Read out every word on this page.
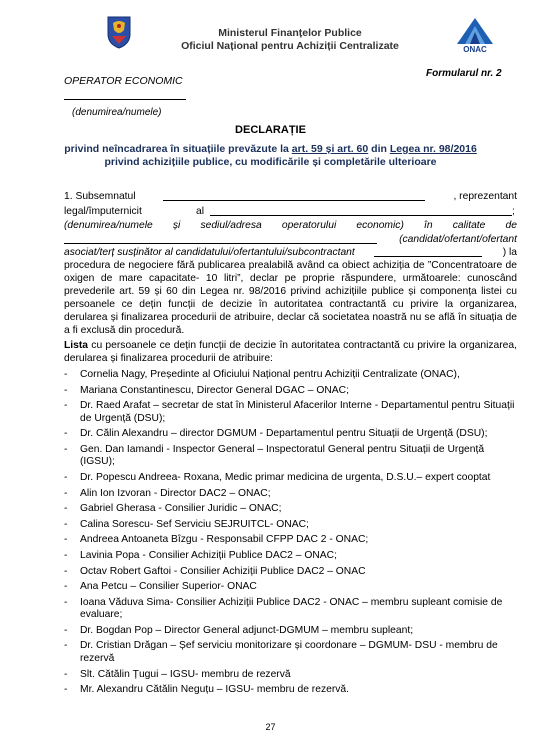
Ministerul Finanțelor Publice
Oficiul Național pentru Achiziții Centralizate	ONAC
Formularul nr. 2
OPERATOR ECONOMIC
(denumirea/numele)
DECLARAȚIE
privind neîncadrarea în situațiile prevăzute la art. 59 și art. 60 din Legea nr. 98/2016
privind achizițiile publice, cu modificările și completările ulterioare
1. Subsemnatul	, reprezentant
legal/împuternicit	al	;
(denumirea/numele și sediul/adresa operatorului economic) în calitate de
(candidat/ofertant/ofertant
asociat/terț susținător al candidatului/ofertantului/subcontractant	) la
procedura de negociere fără publicarea prealabilă având ca obiect achiziția de ”Concentratoare de oxigen de mare capacitate- 10 litri”, declar pe proprie răspundere, următoarele: cunoscând prevederile art. 59 și 60 din Legea nr. 98/2016 privind achizițiile publice și componența listei cu persoanele ce dețin funcții de decizie în autoritatea contractantă cu privire la organizarea, derularea și finalizarea procedurii de atribuire, declar că societatea noastră nu se află în situația de a fi exclusă din procedură.
Lista cu persoanele ce dețin funcții de decizie în autoritatea contractantă cu privire la organizarea, derularea și finalizarea procedurii de atribuire:
- Cornelia Nagy, Președinte al Oficiului Național pentru Achiziții Centralizate (ONAC),
- Mariana Constantinescu, Director General DGAC – ONAC;
- Dr. Raed Arafat – secretar de stat în Ministerul Afacerilor Interne - Departamentul pentru Situații de Urgență (DSU);
- Dr. Călin Alexandru – director DGMUM - Departamentul pentru Situații de Urgență (DSU);
- Gen. Dan Iamandi - Inspector General – Inspectoratul General pentru Situații de Urgență (IGSU);
- Dr. Popescu Andreea- Roxana, Medic primar medicina de urgenta, D.S.U.– expert cooptat
- Alin Ion Izvoran - Director DAC2 – ONAC;
- Gabriel Gherasa - Consilier Juridic – ONAC;
- Calina Sorescu- Sef Serviciu SEJRUITCL- ONAC;
- Andreea Antoaneta Bîzgu - Responsabil CFPP DAC 2 - ONAC;
- Lavinia Popa - Consilier Achiziții Publice DAC2 – ONAC;
- Octav Robert Gaftoi - Consilier Achiziții Publice DAC2 – ONAC
- Ana Petcu – Consilier Superior- ONAC
- Ioana Văduva Sima- Consilier Achiziții Publice DAC2 - ONAC – membru supleant comisie de evaluare;
- Dr. Bogdan Pop – Director General adjunct-DGMUM – membru supleant;
- Dr. Cristian Drăgan – Șef serviciu monitorizare și coordonare – DGMUM- DSU - membru de rezervă
- Slt. Cătălin Țugui – IGSU- membru de rezervă
- Mr. Alexandru Cătălin Neguțu – IGSU- membru de rezervă.
27
